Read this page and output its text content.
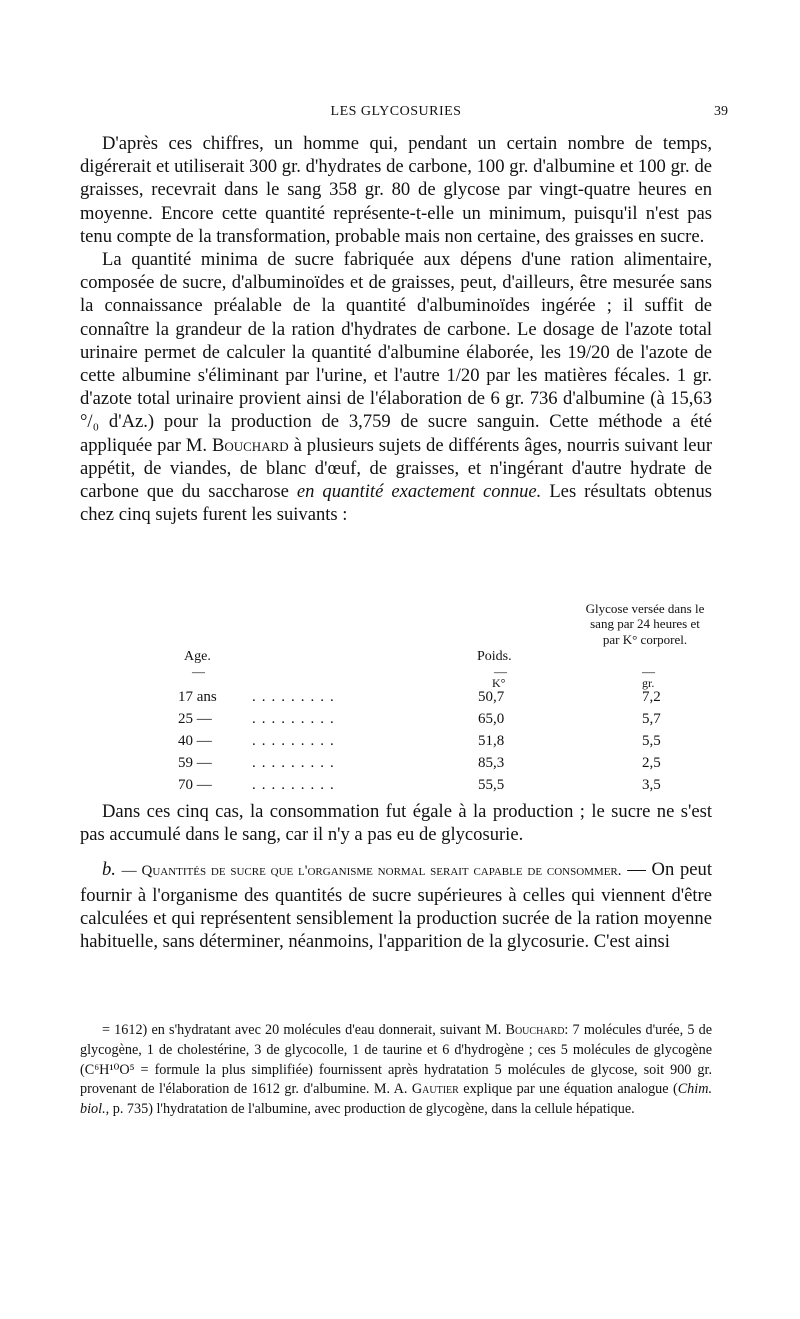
LES GLYCOSURIES	39

D'après ces chiffres, un homme qui, pendant un certain nombre de temps, digérerait et utiliserait 300 gr. d'hydrates de carbone, 100 gr. d'albumine et 100 gr. de graisses, recevrait dans le sang 358 gr. 80 de glycose par vingt-quatre heures en moyenne. Encore cette quantité représente-t-elle un minimum, puisqu'il n'est pas tenu compte de la transformation, probable mais non certaine, des graisses en sucre.

La quantité minima de sucre fabriquée aux dépens d'une ration alimentaire, composée de sucre, d'albuminoïdes et de graisses, peut, d'ailleurs, être mesurée sans la connaissance préalable de la quantité d'albuminoïdes ingérée ; il suffit de connaître la grandeur de la ration d'hydrates de carbone. Le dosage de l'azote total urinaire permet de calculer la quantité d'albumine élaborée, les 19/20 de l'azote de cette albumine s'éliminant par l'urine, et l'autre 1/20 par les matières fécales. 1 gr. d'azote total urinaire provient ainsi de l'élaboration de 6 gr. 736 d'albumine (à 15,63 °/₀ d'Az.) pour la production de 3,759 de sucre sanguin. Cette méthode a été appliquée par M. Bouchard à plusieurs sujets de différents âges, nourris suivant leur appétit, de viandes, de blanc d'œuf, de graisses, et n'ingérant d'autre hydrate de carbone que du saccharose en quantité exactement connue. Les résultats obtenus chez cinq sujets furent les suivants :

Age.	Poids.
Glycose versée dans le sang par 24 heures et par K° corporel.
—	—	—
K°	gr.
17 ans .........	50,7	7,2
25 —	.........	65,0	5,7
40 —	.........	51,8	5,5
59 —	.........	85,3	2,5
70 —	.........	55,5	3,5

Dans ces cinq cas, la consommation fut égale à la production ; le sucre ne s'est pas accumulé dans le sang, car il n'y a pas eu de glycosurie.

b. — Quantités de sucre que l'organisme normal serait capable de consommer. — On peut fournir à l'organisme des quantités de sucre supérieures à celles qui viennent d'être calculées et qui représentent sensiblement la production sucrée de la ration moyenne habituelle, sans déterminer, néanmoins, l'apparition de la glycosurie. C'est ainsi

= 1612) en s'hydratant avec 20 molécules d'eau donnerait, suivant M. Bouchard: 7 molécules d'urée, 5 de glycogène, 1 de cholestérine, 3 de glycocolle, 1 de taurine et 6 d'hydrogène ; ces 5 molécules de glycogène (C⁶H¹⁰O⁵ = formule la plus simplifiée) fournissent après hydratation 5 molécules de glycose, soit 900 gr. provenant de l'élaboration de 1612 gr. d'albumine. M. A. Gautier explique par une équation analogue (Chim. biol., p. 735) l'hydratation de l'albumine, avec production de glycogène, dans la cellule hépatique.
